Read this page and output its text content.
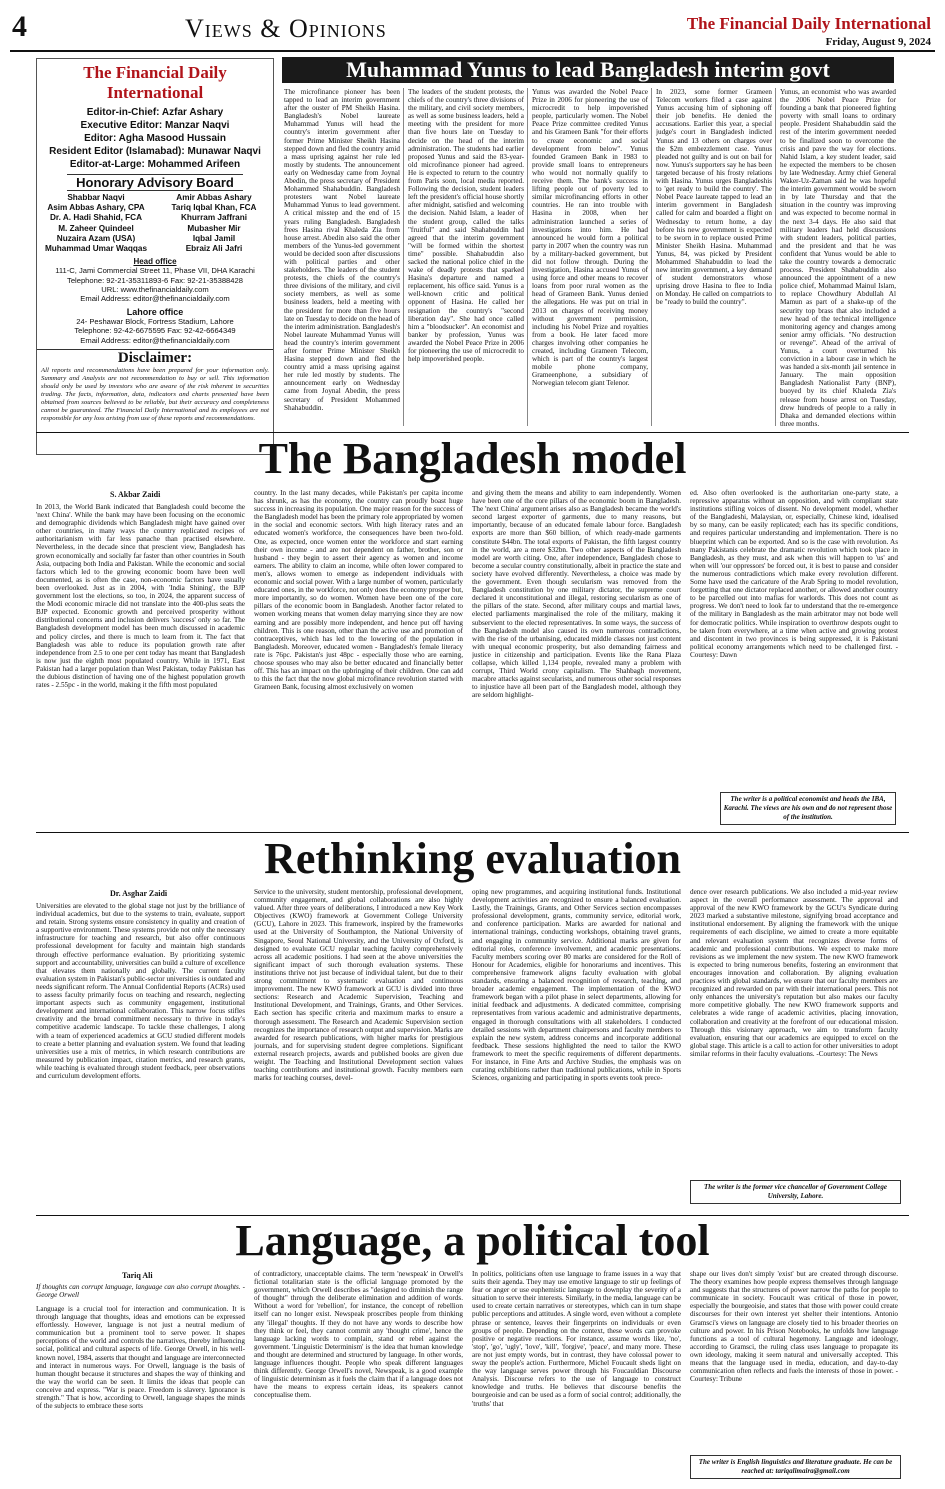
4	Views & Opinions	The Financial Daily International
Friday, August 9, 2024
The Financial Daily International
Editor-in-Chief: Azfar Ashary
Executive Editor: Manzar Naqvi
Editor: Agha Masood Hussain
Resident Editor (Islamabad): Munawar Naqvi
Editor-at-Large: Mohammed Arifeen
Honorary Advisory Board
Shabbar Naqvi
Asim Abbas Ashary, CPA
Dr. A. Hadi Shahid, FCA
M. Zaheer Quindeel
Nuzaira Azam (USA)
Muhammad Umar Waqqas
Amir Abbas Ashary
Tariq Iqbal Khan, FCA
Khurram Jaffrani
Mubasher Mir
Iqbal Jamil
Ebraiz Ali Jafri
Head office
111-C, Jami Commercial Street 11, Phase VII, DHA Karachi
Telephone: 92-21-35311893-6 Fax: 92-21-35388428
URL: www.thefinancialdaily.com
Email Address: editor@thefinancialdaily.com
Lahore office
24- Peshawar Block, Fortress Stadium, Lahore
Telephone: 92-42-6675595 Fax: 92-42-6664349
Email Address: editor@thefinancialdaily.com
Disclaimer:
All reports and recommendations have been prepared for your information only. Summary and Analysis are not recommendation to buy or sell. This information should only be used by investors who are aware of the risk inherent in securities trading. The facts, information, data, indicators and charts presented have been obtained from sources believed to be reliable, but their accuracy and completeness cannot be guaranteed. The Financial Daily International and its employees are not responsible for any loss arising from use of these reports and recommendations.
Muhammad Yunus to lead Bangladesh interim govt

The microfinance pioneer has been tapped to lead an interim government after the ouster of PM Sheikh Hasina. Bangladesh's Nobel laureate Muhammad Yunus will head the country's interim government after former Prime Minister Sheikh Hasina stepped down and fled the country amid a mass uprising against her rule led mostly by students. The announcement early on Wednesday came from Joynal Abedin, the press secretary of President Mohammed Shahabuddin. Bangladesh protesters want Nobel laureate Muhammad Yunus to lead government. A critical misstep and the end of 15 years ruling Bangladesh. Bangladesh frees Hasina rival Khaleda Zia from house arrest. Abedin also said the other members of the Yunus-led government would be decided soon after discussions with political parties and other stakeholders. The leaders of the student protests, the chiefs of the country's three divisions of the military, and civil society members, as well as some business leaders, held a meeting with the president for more than five hours late on Tuesday to decide on the head of the interim administration. Bangladesh's Nobel laureate Muhammad Yunus will head the country's interim government after former Prime Minister Sheikh Hasina stepped down and fled the country amid a mass uprising against her rule led mostly by students. The announcement early on Wednesday came from Joynal Abedin, the press secretary of President Mohammed Shahabuddin.

The leaders of the student protests, the chiefs of the country's three divisions of the military, and civil society members, as well as some business leaders, held a meeting with the president for more than five hours late on Tuesday to decide on the head of the interim administration. The students had earlier proposed Yunus and said the 83-year-old microfinance pioneer had agreed. He is expected to return to the country from Paris soon, local media reported. Following the decision, student leaders left the president's official house shortly after midnight, satisfied and welcoming the decision. Nahid Islam, a leader of the student group, called the talks "fruitful" and said Shahabuddin had agreed that the interim government "will be formed within the shortest time" possible. Shahabuddin also sacked the national police chief in the wake of deadly protests that sparked Hasina's departure and named a replacement, his office said. Yunus is a well-known critic and political opponent of Hasina. He called her resignation the country's "second liberation day". She had once called him a "bloodsucker". An economist and banker by profession, Yunus was awarded the Nobel Peace Prize in 2006 for pioneering the use of microcredit to help impoverished people.

Yunus was awarded the Nobel Peace Prize in 2006 for pioneering the use of microcredit to help impoverished people, particularly women. The Nobel Peace Prize committee credited Yunus and his Grameen Bank "for their efforts to create economic and social development from below". Yunus founded Grameen Bank in 1983 to provide small loans to entrepreneurs who would not normally qualify to receive them. The bank's success in lifting people out of poverty led to similar microfinancing efforts in other countries. He ran into trouble with Hasina in 2008, when her administration launched a series of investigations into him. He had announced he would form a political party in 2007 when the country was run by a military-backed government, but did not follow through. During the investigation, Hasina accused Yunus of using force and other means to recover loans from poor rural women as the head of Grameen Bank. Yunus denied the allegations. He was put on trial in 2013 on charges of receiving money without government permission, including his Nobel Prize and royalties from a book. He later faced more charges involving other companies he created, including Grameen Telecom, which is part of the country's largest mobile phone company, Grameenphone, a subsidiary of Norwegian telecom giant Telenor.

In 2023, some former Grameen Telecom workers filed a case against Yunus accusing him of siphoning off their job benefits. He denied the accusations. Earlier this year, a special judge's court in Bangladesh indicted Yunus and 13 others on charges over the $2m embezzlement case. Yunus pleaded not guilty and is out on bail for now. Yunus's supporters say he has been targeted because of his frosty relations with Hasina. Yunus urges Bangladeshis to 'get ready to build the country'. The Nobel Peace laureate tapped to lead an interim government in Bangladesh called for calm and boarded a flight on Wednesday to return home, a day before his new government is expected to be sworn in to replace ousted Prime Minister Sheikh Hasina. Muhammad Yunus, 84, was picked by President Mohammed Shahabuddin to lead the new interim government, a key demand of student demonstrators whose uprising drove Hasina to flee to India on Monday. He called on compatriots to be "ready to build the country".

Yunus, an economist who was awarded the 2006 Nobel Peace Prize for founding a bank that pioneered fighting poverty with small loans to ordinary people. President Shahabuddin said the rest of the interim government needed to be finalized soon to overcome the crisis and pave the way for elections. Nahid Islam, a key student leader, said he expected the members to be chosen by late Wednesday. Army chief General Waker-Uz-Zaman said he was hopeful the interim government would be sworn in by late Thursday and that the situation in the country was improving and was expected to become normal in the next 3-4 days. He also said that military leaders had held discussions with student leaders, political parties, and the president and that he was confident that Yunus would be able to take the country towards a democratic process. President Shahabuddin also announced the appointment of a new police chief, Mohammad Mainul Islam, to replace Chowdhury Abdullah Al Mamun as part of a shake-up of the security top brass that also included a new head of the technical intelligence monitoring agency and changes among senior army officials. "No destruction or revenge". Ahead of the arrival of Yunus, a court overturned his conviction in a labour case in which he was handed a six-month jail sentence in January. The main opposition Bangladesh Nationalist Party (BNP), buoyed by its chief Khaleda Zia's release from house arrest on Tuesday, drew hundreds of people to a rally in Dhaka and demanded elections within three months.

The Bangladesh model
S. Akbar Zaidi

In 2013, the World Bank indicated that Bangladesh could become the 'next China'. While the bank may have been focusing on the economic and demographic dividends which Bangladesh might have gained over other countries, in many ways the country replicated recipes of authoritarianism with far less panache than practised elsewhere. Nevertheless, in the decade since that prescient view, Bangladesh has grown economically and socially far faster than other countries in South Asia, outpacing both India and Pakistan. While the economic and social factors which led to the growing economic boom have been well documented, as is often the case, non-economic factors have usually been overlooked. Just as in 2004, with 'India Shining', the BJP government lost the elections, so too, in 2024, the apparent success of the Modi economic miracle did not translate into the 400-plus seats the BJP expected. Economic growth and perceived prosperity without distributional concerns and inclusion delivers 'success' only so far. The Bangladesh development model has been much discussed in academic and policy circles, and there is much to learn from it. The fact that Bangladesh was able to reduce its population growth rate after independence from 2.5 to one per cent today has meant that Bangladesh is now just the eighth most populated country. While in 1971, East Pakistan had a larger population than West Pakistan, today Pakistan has the dubious distinction of having one of the highest population growth rates - 2.55pc - in the world, making it the fifth most populated

country. In the last many decades, while Pakistan's per capita income has shrunk, as has the economy, the country can proudly boast huge success in increasing its population. One major reason for the success of the Bangladesh model has been the primary role appropriated by women in the social and economic sectors. With high literacy rates and an educated women's workforce, the consequences have been two-fold. One, as expected, once women enter the workforce and start earning their own income - and are not dependent on father, brother, son or husband - they begin to assert their agency as women and income earners. The ability to claim an income, while often lower compared to men's, allows women to emerge as independent individuals with economic and social power. With a large number of women, particularly educated ones, in the workforce, not only does the economy prosper but, more importantly, so do women. Women have been one of the core pillars of the economic boom in Bangladesh. Another factor related to women working means that women delay marrying since they are now earning and are possibly more independent, and hence put off having children. This is one reason, other than the active use and promotion of contraceptives, which has led to the lowering of the population in Bangladesh. Moreover, educated women - Bangladesh's female literacy rate is 76pc. Pakistan's just 48pc - especially those who are earning, choose spouses who may also be better educated and financially better off. This has an impact on the upbringing of their children. One can add to this the fact that the now global microfinance revolution started with Grameen Bank, focusing almost exclusively on women

and giving them the means and ability to earn independently. Women have been one of the core pillars of the economic boom in Bangladesh. The 'next China' argument arises also as Bangladesh became the world's second largest exporter of garments, due to many reasons, but importantly, because of an educated female labour force. Bangladesh exports are more than $60 billion, of which ready-made garments constitute $44bn. The total exports of Pakistan, the fifth largest country in the world, are a mere $32bn. Two other aspects of the Bangladesh model are worth citing. One, after independence, Bangladesh chose to become a secular country constitutionally, albeit in practice the state and society have evolved differently. Nevertheless, a choice was made by the government. Even though secularism was removed from the Bangladesh constitution by one military dictator, the supreme court declared it unconstitutional and illegal, restoring secularism as one of the pillars of the state. Second, after military coups and martial laws, elected parliaments marginalised the role of the military, making it subservient to the elected representatives. In some ways, the success of the Bangladesh model also caused its own numerous contradictions, with the rise of the urbanising, educated middle classes not just content with unequal economic prosperity, but also demanding fairness and justice in citizenship and participation. Events like the Rana Plaza collapse, which killed 1,134 people, revealed many a problem with corrupt, Third World crony capitalism. The Shahbagh movement, macabre attacks against secularists, and numerous other social responses to injustice have all been part of the Bangladesh model, although they are seldom highlight-

ed. Also often overlooked is the authoritarian one-party state, a repressive apparatus without an opposition, and with compliant state institutions stifling voices of dissent. No development model, whether of the Bangladeshi, Malaysian, or, especially, Chinese kind, idealised by so many, can be easily replicated; each has its specific conditions, and requires particular understanding and implementation. There is no blueprint which can be exported. And so is the case with revolution. As many Pakistanis celebrate the dramatic revolution which took place in Bangladesh, as they must, and ask when this will happen to 'us' and when will 'our oppressors' be forced out, it is best to pause and consider the numerous contradictions which make every revolution different. Some have used the caricature of the Arab Spring to model revolution, forgetting that one dictator replaced another, or allowed another country to be parcelled out into mafias for warlords. This does not count as progress. We don't need to look far to understand that the re-emergence of the military in Bangladesh as the main arbitrator may not bode well for democratic politics. While inspiration to overthrow despots ought to be taken from everywhere, at a time when active and growing protest and discontent in two provinces is being suppressed, it is Pakistani political economy arrangements which need to be challenged first. -Courtesy: Dawn

The writer is a political economist and heads the IBA, Karachi. The views are his own and do not represent those of the institution.
Rethinking evaluation
Dr. Asghar Zaidi

Universities are elevated to the global stage not just by the brilliance of individual academics, but due to the systems to train, evaluate, support and retain. Strong systems ensure consistency in quality and creation of a supportive environment. These systems provide not only the necessary infrastructure for teaching and research, but also offer continuous professional development for faculty and maintain high standards through effective performance evaluation. By prioritizing systemic support and accountability, universities can build a culture of excellence that elevates them nationally and globally. The current faculty evaluation system in Pakistan's public-sector universities is outdated and needs significant reform. The Annual Confidential Reports (ACRs) used to assess faculty primarily focus on teaching and research, neglecting important aspects such as community engagement, institutional development and international collaboration. This narrow focus stifles creativity and the broad commitment necessary to thrive in today's competitive academic landscape. To tackle these challenges, I along with a team of experienced academics at GCU studied different models to create a better planning and evaluation system. We found that leading universities use a mix of metrics, in which research contributions are measured by publication impact, citation metrics, and research grants, while teaching is evaluated through student feedback, peer observations and curriculum development efforts.

Service to the university, student mentorship, professional development, community engagement, and global collaborations are also highly valued. After three years of deliberations, I introduced a new Key Work Objectives (KWO) framework at Government College University (GCU), Lahore in 2023. This framework, inspired by the frameworks used at the University of Southampton, the National University of Singapore, Seoul National University, and the University of Oxford, is designed to evaluate GCU regular teaching faculty comprehensively across all academic positions. I had seen at the above universities the significant impact of such thorough evaluation systems. These institutions thrive not just because of individual talent, but due to their strong commitment to systematic evaluation and continuous improvement. The new KWO framework at GCU is divided into three sections: Research and Academic Supervision, Teaching and Institutional Development, and Trainings, Grants, and Other Services. Each section has specific criteria and maximum marks to ensure a thorough assessment. The Research and Academic Supervision section recognizes the importance of research output and supervision. Marks are awarded for research publications, with higher marks for prestigious journals, and for supervising student degree completions. Significant external research projects, awards and published books are given due weight. The Teaching and Institutional Development section values teaching contributions and institutional growth. Faculty members earn marks for teaching courses, devel-

oping new programmes, and acquiring institutional funds. Institutional development activities are recognized to ensure a balanced evaluation. Lastly, the Trainings, Grants, and Other Services section encompasses professional development, grants, community service, editorial work, and conference participation. Marks are awarded for national and international trainings, conducting workshops, obtaining travel grants, and engaging in community service. Additional marks are given for editorial roles, conference involvement, and academic presentations. Faculty members scoring over 80 marks are considered for the Roll of Honour for Academics, eligible for honorariums and incentives. This comprehensive framework aligns faculty evaluation with global standards, ensuring a balanced recognition of research, teaching, and broader academic engagement. The implementation of the KWO framework began with a pilot phase in select departments, allowing for initial feedback and adjustments. A dedicated committee, comprising representatives from various academic and administrative departments, engaged in thorough consultations with all stakeholders. I conducted detailed sessions with department chairpersons and faculty members to explain the new system, address concerns and incorporate additional feedback. These sessions highlighted the need to tailor the KWO framework to meet the specific requirements of different departments. For instance, in Fine Arts and Archive Studies, the emphasis was on curating exhibitions rather than traditional publications, while in Sports Sciences, organizing and participating in sports events took prece-

dence over research publications. We also included a mid-year review aspect in the overall performance assessment. The approval and approval of the new KWO framework by the GCU's Syndicate during 2023 marked a substantive milestone, signifying broad acceptance and institutional endorsement. By aligning the framework with the unique requirements of each discipline, we aimed to create a more equitable and relevant evaluation system that recognizes diverse forms of academic and professional contributions. We expect to make more revisions as we implement the new system. The new KWO framework is expected to bring numerous benefits, fostering an environment that encourages innovation and collaboration. By aligning evaluation practices with global standards, we ensure that our faculty members are recognized and rewarded on par with their international peers. This not only enhances the university's reputation but also makes our faculty more competitive globally. The new KWO framework supports and celebrates a wide range of academic activities, placing innovation, collaboration and creativity at the forefront of our educational mission. Through this visionary approach, we aim to transform faculty evaluation, ensuring that our academics are equipped to excel on the global stage. This article is a call to action for other universities to adopt similar reforms in their faculty evaluations. -Courtesy: The News

The writer is the former vice chancellor of Government College University, Lahore.
Language, a political tool
Tariq Ali

If thoughts can corrupt language, language can also corrupt thoughts. - George Orwell

Language is a crucial tool for interaction and communication. It is through language that thoughts, ideas and emotions can be expressed effortlessly. However, language is not just a neutral medium of communication but a prominent tool to serve power. It shapes perceptions of the world and controls the narratives, thereby influencing social, political and cultural aspects of life. George Orwell, in his well-known novel, 1984, asserts that thought and language are interconnected and interact in numerous ways. For Orwell, language is the basis of human thought because it structures and shapes the way of thinking and the way the world can be seen. It limits the ideas that people can conceive and express. "War is peace. Freedom is slavery. Ignorance is strength." That is how, according to Orwell, language shapes the minds of the subjects to embrace these sorts

of contradictory, unacceptable claims. The term 'newspeak' in Orwell's fictional totalitarian state is the official language promoted by the government, which Orwell describes as "designed to diminish the range of thought" through the deliberate elimination and addition of words. Without a word for 'rebellion', for instance, the concept of rebellion itself can no longer exist. Newspeak proscribes people from thinking any 'illegal' thoughts. If they do not have any words to describe how they think or feel, they cannot commit any 'thought crime', hence the language lacking words to complain, stand or rebel against the government. 'Linguistic Determinism' is the idea that human knowledge and thought are determined and structured by language. In other words, language influences thought. People who speak different languages think differently. George Orwell's novel, Newspeak, is a good example of linguistic determinism as it fuels the claim that if a language does not have the means to express certain ideas, its speakers cannot conceptualise them.

In politics, politicians often use language to frame issues in a way that suits their agenda. They may use emotive language to stir up feelings of fear or anger or use euphemistic language to downplay the severity of a situation to serve their interests. Similarly, in the media, language can be used to create certain narratives or stereotypes, which can in turn shape public perceptions and attitudes. A single word, even without a complete phrase or sentence, leaves their fingerprints on individuals or even groups of people. Depending on the context, these words can provoke positive or negative reactions. For instance, assume words like, 'no', 'stop', 'go', 'ugly', 'love', 'kill', 'forgive', 'peace', and many more. These are not just empty words, but in contrast, they have colossal power to sway the people's action. Furthermore, Michel Foucault sheds light on the way language serves power through his Foucauldian Discourse Analysis. Discourse refers to the use of language to construct knowledge and truths. He believes that discourse benefits the bourgeoisie and can be used as a form of social control; additionally, the 'truths' that

shape our lives don't simply 'exist' but are created through discourse. The theory examines how people express themselves through language and suggests that the structures of power narrow the paths for people to communicate in society. Foucault was critical of those in power, especially the bourgeoisie, and states that those with power could create discourses for their own interest yet shelter their intentions. Antonio Gramsci's views on language are closely tied to his broader theories on culture and power. In his Prison Notebooks, he unfolds how language functions as a tool of cultural hegemony. Language and ideology, according to Gramsci, the ruling class uses language to propagate its own ideology, making it seem natural and universally accepted. This means that the language used in media, education, and day-to-day communication often reflects and fuels the interests of those in power. -Courtesy: Tribune

The writer is English linguistics and literature graduate. He can be reached at: tariqalimaira@gmail.com
